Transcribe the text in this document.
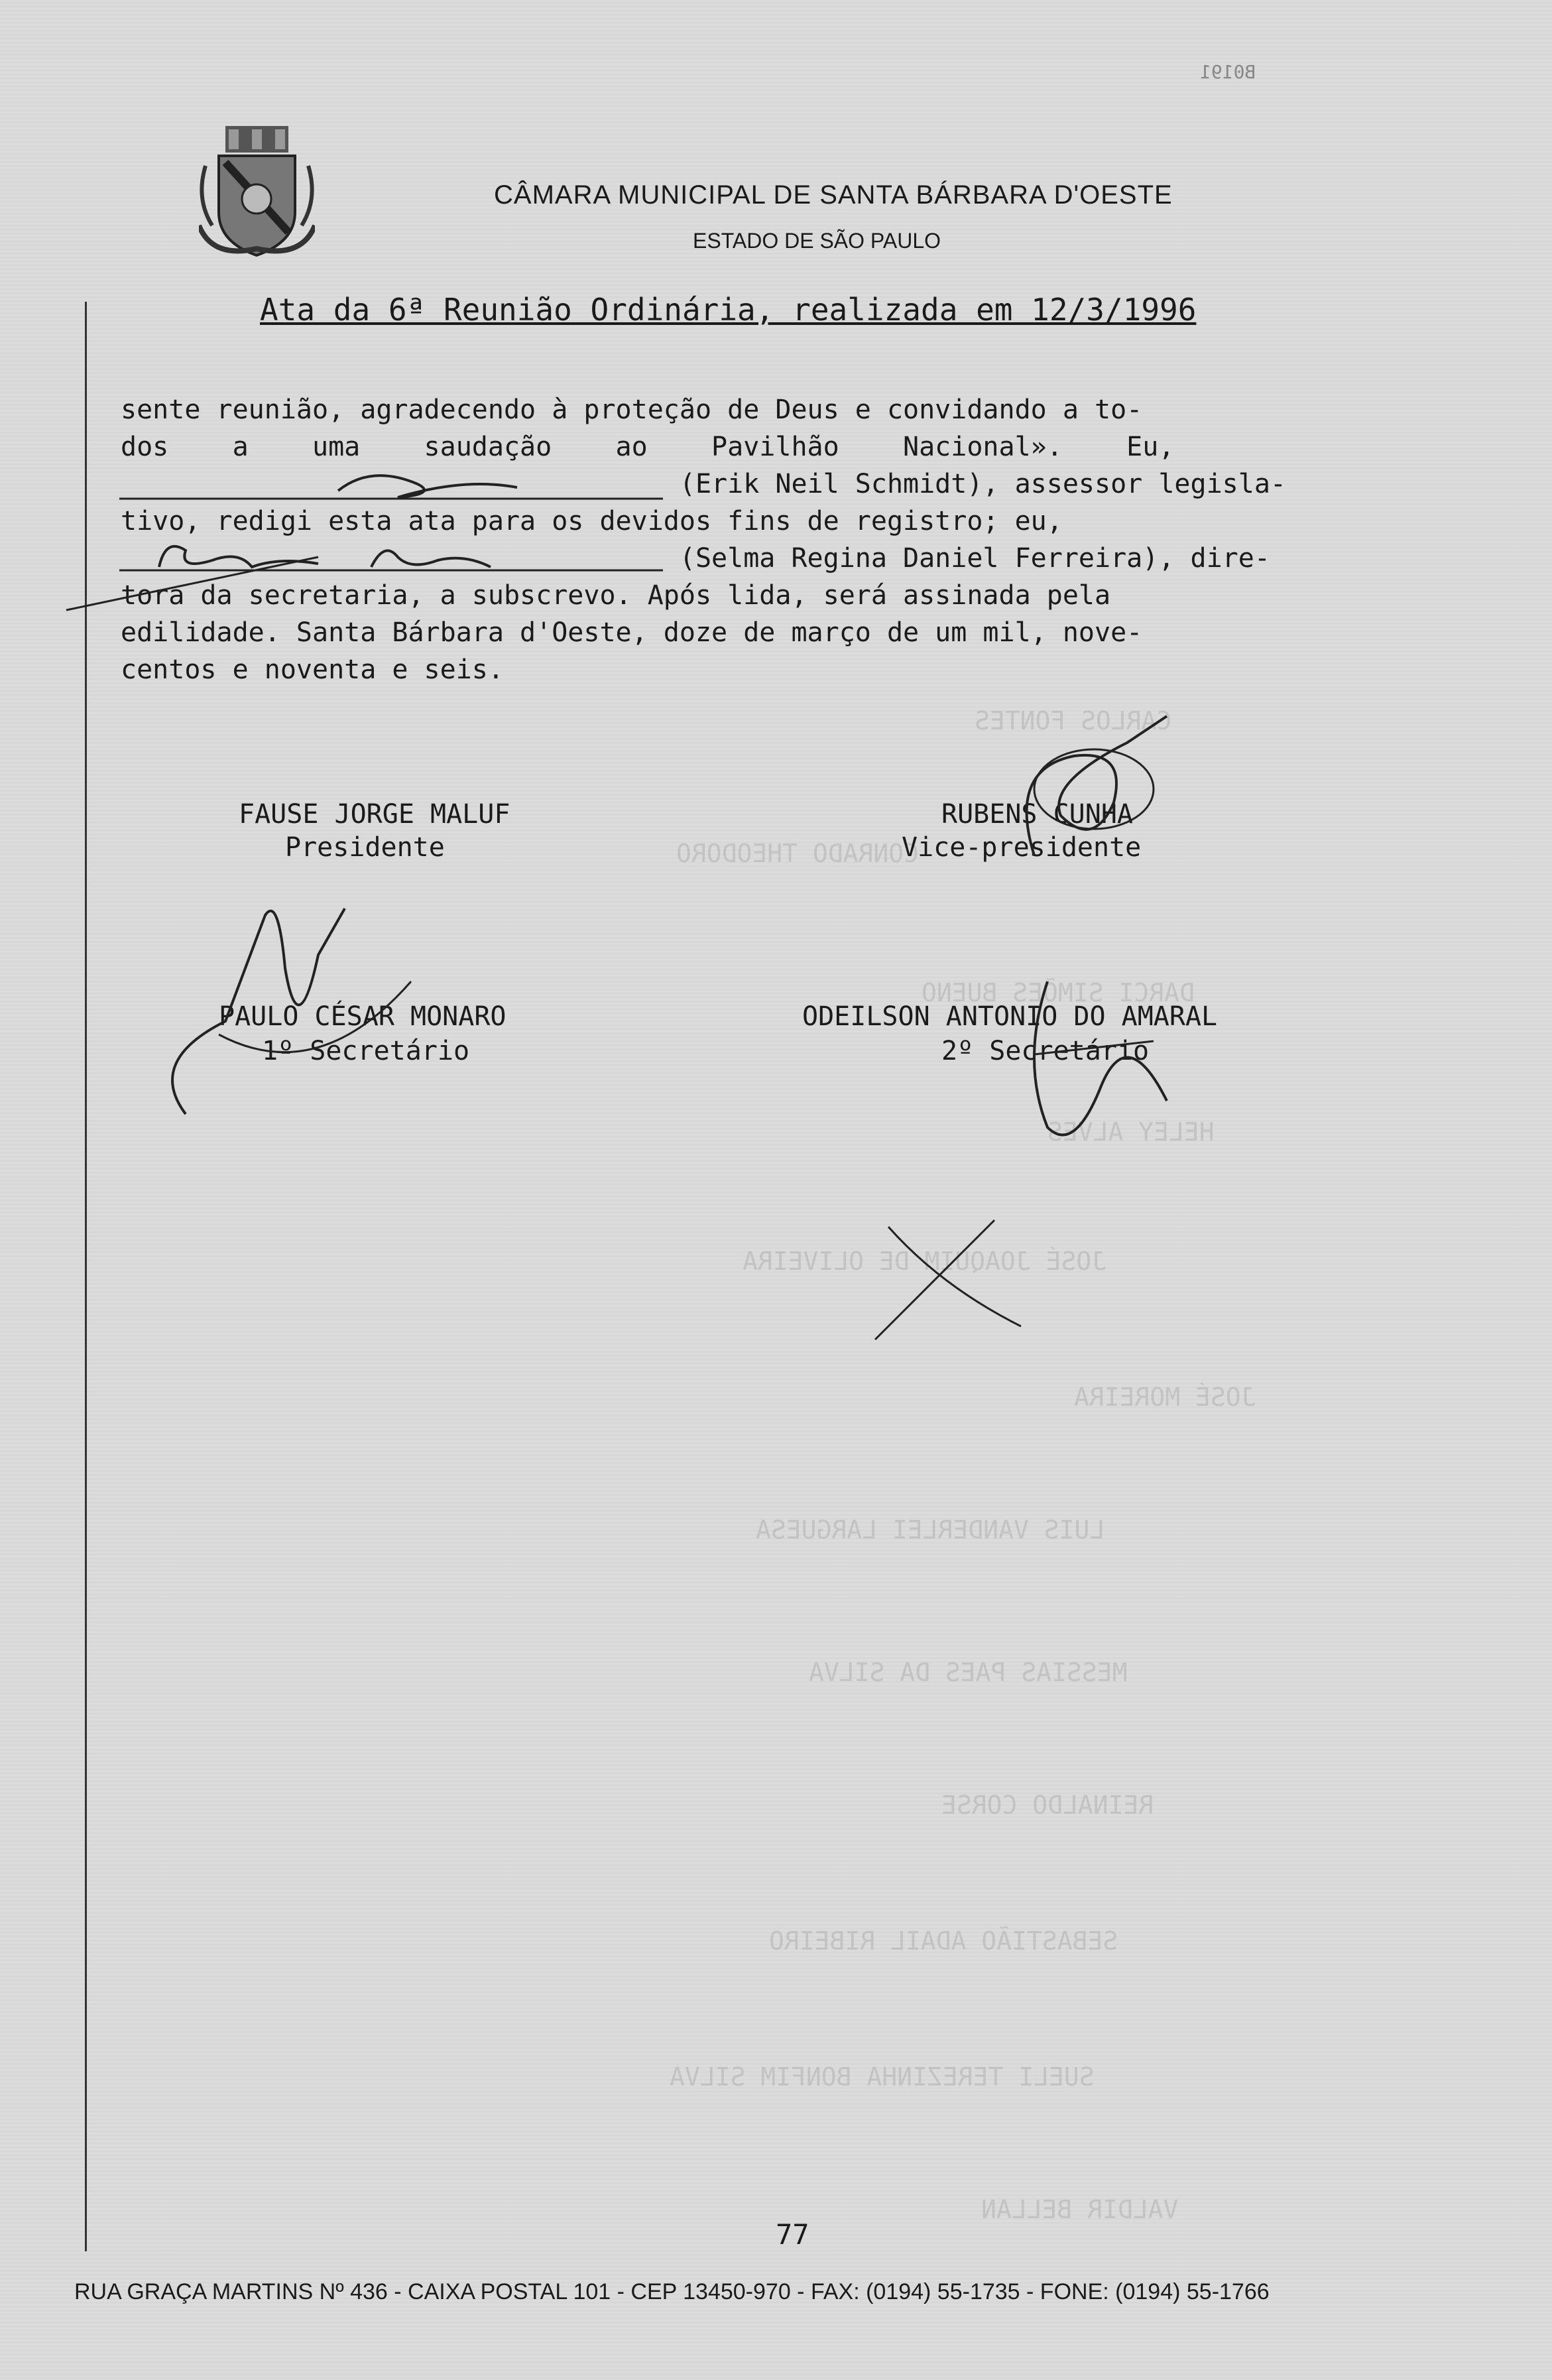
CARLOS FONTES
CONRADO THEODORO
DARCI SIMÕES BUENO
HELEY ALVES
JOSÉ JOAQUIM DE OLIVEIRA
JOSÉ MOREIRA
LUIS VANDERLEI LARGUESA
MESSIAS PAES DA SILVA
REINALDO CORSE
SEBASTIÃO ADAIL RIBEIRO
SUELI TEREZINHA BONFIM SILVA
VALDIR BELLAN
B0191
CÂMARA MUNICIPAL DE SANTA BÁRBARA D'OESTE
ESTADO DE SÃO PAULO
Ata da 6ª Reunião Ordinária, realizada em 12/3/1996

sente reunião, agradecendo à proteção de Deus e convidando a to-

dos    a    uma    saudação    ao    Pavilhão    Nacional».    Eu,

(Erik Neil Schmidt), assessor legisla-

tivo, redigi esta ata para os devidos fins de registro; eu,

(Selma Regina Daniel Ferreira), dire-

tora da secretaria, a subscrevo. Após lida, será assinada pela

edilidade. Santa Bárbara d'Oeste, doze de março de um mil, nove-

centos e noventa e seis.

FAUSE JORGE MALUF
Presidente
RUBENS CUNHA
Vice-presidente
PAULO CÉSAR MONARO
1º Secretário
ODEILSON ANTONIO DO AMARAL
2º Secretário
77
RUA GRAÇA MARTINS Nº 436 - CAIXA POSTAL 101 - CEP 13450-970 - FAX: (0194) 55-1735 - FONE: (0194) 55-1766
